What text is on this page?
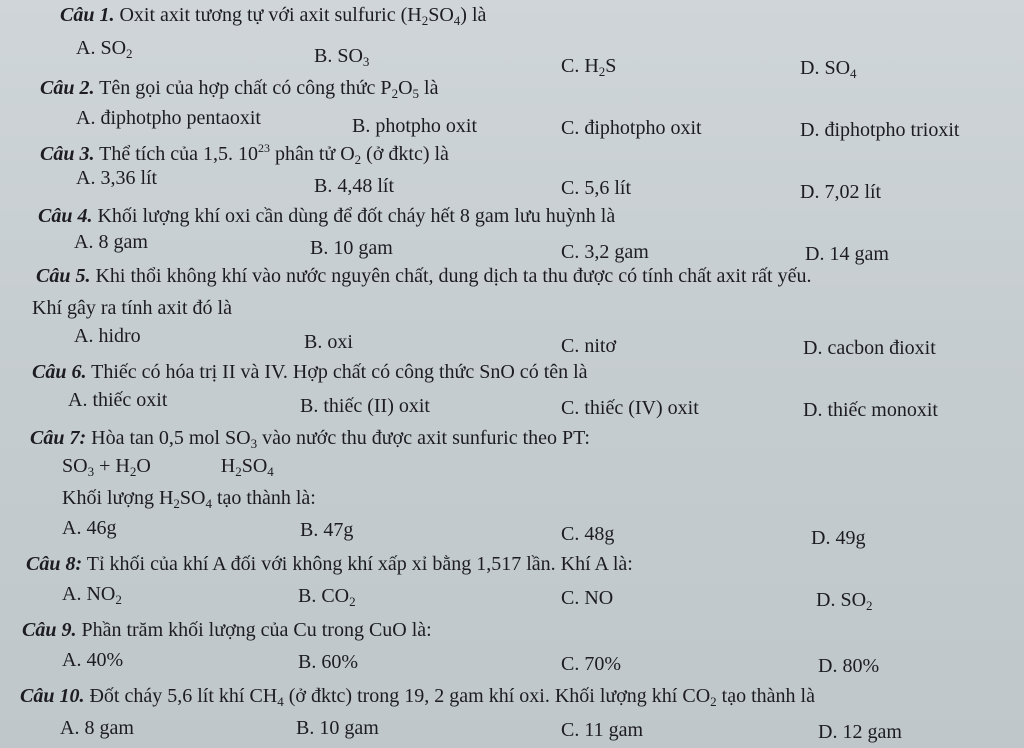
Câu 1. Oxit axit tương tự với axit sulfuric $(H_2SO_4)$ là
A. $SO_2$	B. $SO_3$	C. $H_2S$	D. $SO_4$
Câu 2. Tên gọi của hợp chất có công thức $P_2O_5$ là
A. điphotpho pentaoxit	B. photpho oxit	C. điphotpho oxit	D. điphotpho trioxit
Câu 3. Thể tích của 1,5. $10^{23}$ phân tử $O_2$ (ở đktc) là
A. 3,36 lít	B. 4,48 lít	C. 5,6 lít	D. 7,02 lít
Câu 4. Khối lượng khí oxi cần dùng để đốt cháy hết 8 gam lưu huỳnh là
A. 8 gam	B. 10 gam	C. 3,2 gam	D. 14 gam
Câu 5. Khi thổi không khí vào nước nguyên chất, dung dịch ta thu được có tính chất axit rất yếu.
Khí gây ra tính axit đó là
A. hidro	B. oxi	C. nitơ	D. cacbon đioxit
Câu 6. Thiếc có hóa trị II và IV. Hợp chất có công thức SnO có tên là
A. thiếc oxit	B. thiếc (II) oxit	C. thiếc (IV) oxit	D. thiếc monoxit
Câu 7: Hòa tan 0,5 mol $SO_3$ vào nước thu được axit sunfuric theo PT:
$SO_3 + H_2O$	$H_2SO_4$
Khối lượng $H_2SO_4$ tạo thành là:
A. 46g	B. 47g	C. 48g	D. 49g
Câu 8: Tỉ khối của khí A đối với không khí xấp xỉ bằng 1,517 lần. Khí A là:
A. $NO_2$	B. $CO_2$	C. NO	D. $SO_2$
Câu 9. Phần trăm khối lượng của Cu trong CuO là:
A. 40%	B. 60%	C. 70%	D. 80%
Câu 10. Đốt cháy 5,6 lít khí $CH_4$ (ở đktc) trong 19, 2 gam khí oxi. Khối lượng khí $CO_2$ tạo thành là
A. 8 gam	B. 10 gam	C. 11 gam	D. 12 gam
